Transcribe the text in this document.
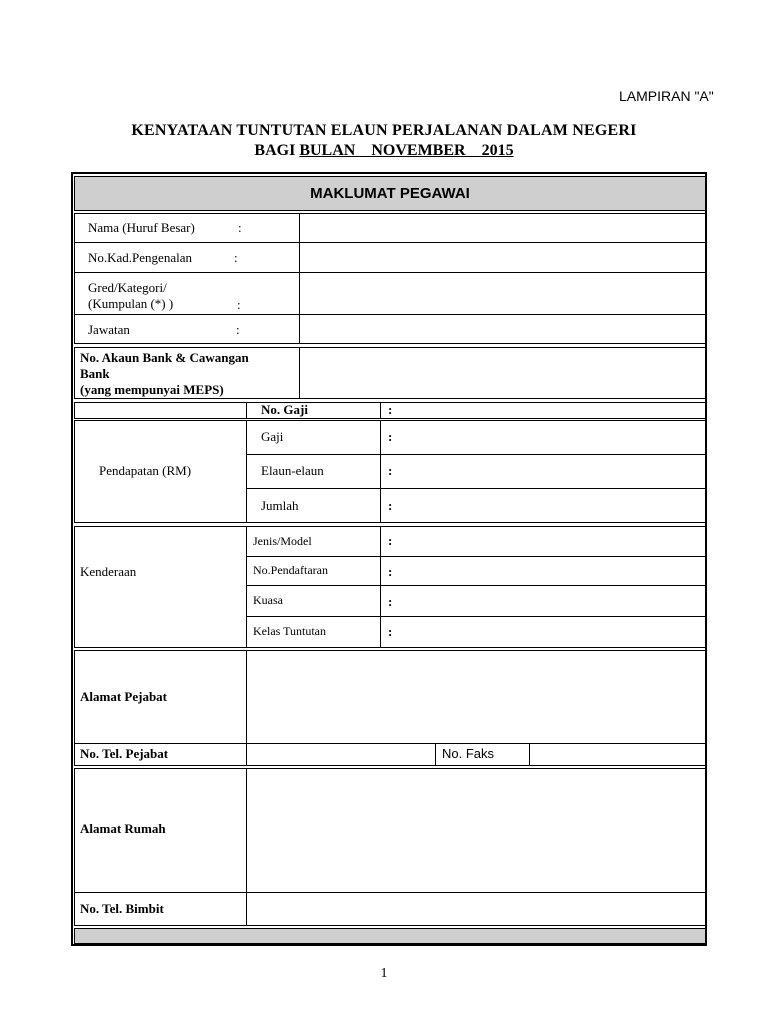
LAMPIRAN "A"
KENYATAAN TUNTUTAN ELAUN PERJALANAN DALAM NEGERI
BAGI BULAN    NOVEMBER    2015
MAKLUMAT PEGAWAI
Nama (Huruf Besar)	:
No.Kad.Pengenalan	:
Gred/Kategori/
(Kumpulan (*) )	:
Jawatan	:
No. Akaun Bank & Cawangan
Bank
(yang mempunyai MEPS)
No. Gaji	:
Pendapatan (RM)
Gaji	:
Elaun-elaun	:
Jumlah	:
Kenderaan
Jenis/Model	:
No.Pendaftaran	:
Kuasa	:
Kelas Tuntutan	:
Alamat Pejabat
No. Tel. Pejabat	No. Faks
Alamat Rumah
No. Tel. Bimbit
1
